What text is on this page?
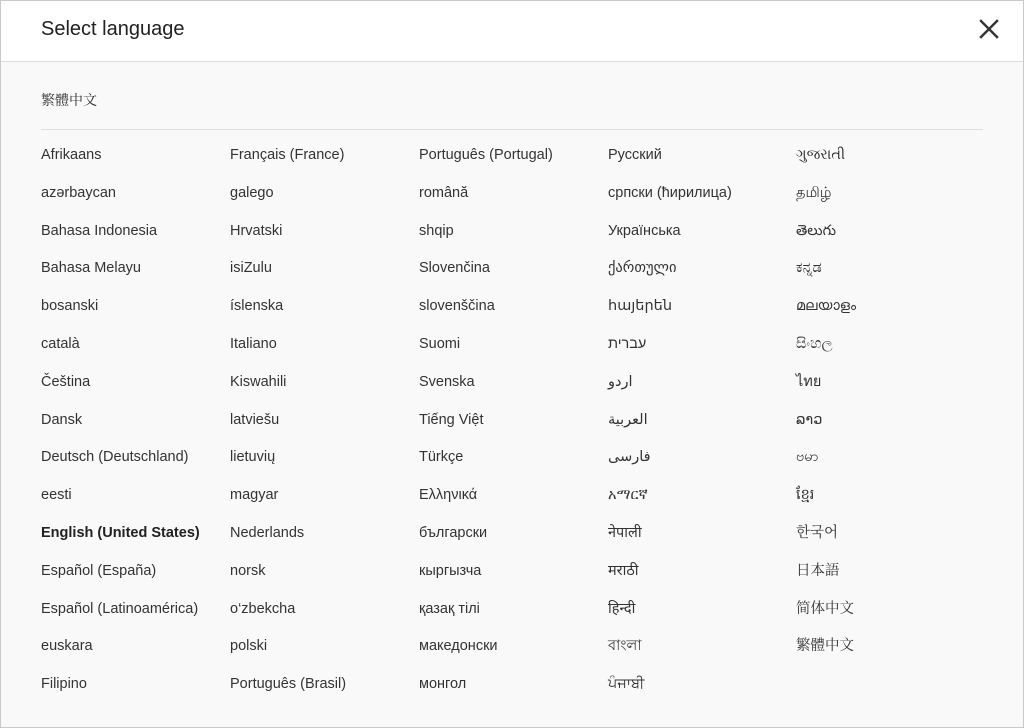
Select language
繁體中文
Afrikaans
azərbaycan
Bahasa Indonesia
Bahasa Melayu
bosanski
català
Čeština
Dansk
Deutsch (Deutschland)
eesti
English (United States)
Español (España)
Español (Latinoamérica)
euskara
Filipino
Français (France)
galego
Hrvatski
isiZulu
íslenska
Italiano
Kiswahili
latviešu
lietuvių
magyar
Nederlands
norsk
o‘zbekcha
polski
Português (Brasil)
Português (Portugal)
română
shqip
Slovenčina
slovenščina
Suomi
Svenska
Tiếng Việt
Türkçe
Ελληνικά
български
кыргызча
қазақ тілі
македонски
монгол
Русский
српски (ћирилица)
Українська
ქართული
հայերեն
עברית
اردو
العربية
فارسی
አማርኛ
नेपाली
मराठी
हिन्दी
বাংলা
ਪੰਜਾਬੀ
ગુજરાતી
தமிழ்
తెలుగు
ಕನ್ನಡ
മലയാളം
සිංහල
ไทย
ລາວ
ဗမာ
ខ្មែរ
한국어
日本語
简体中文
繁體中文
